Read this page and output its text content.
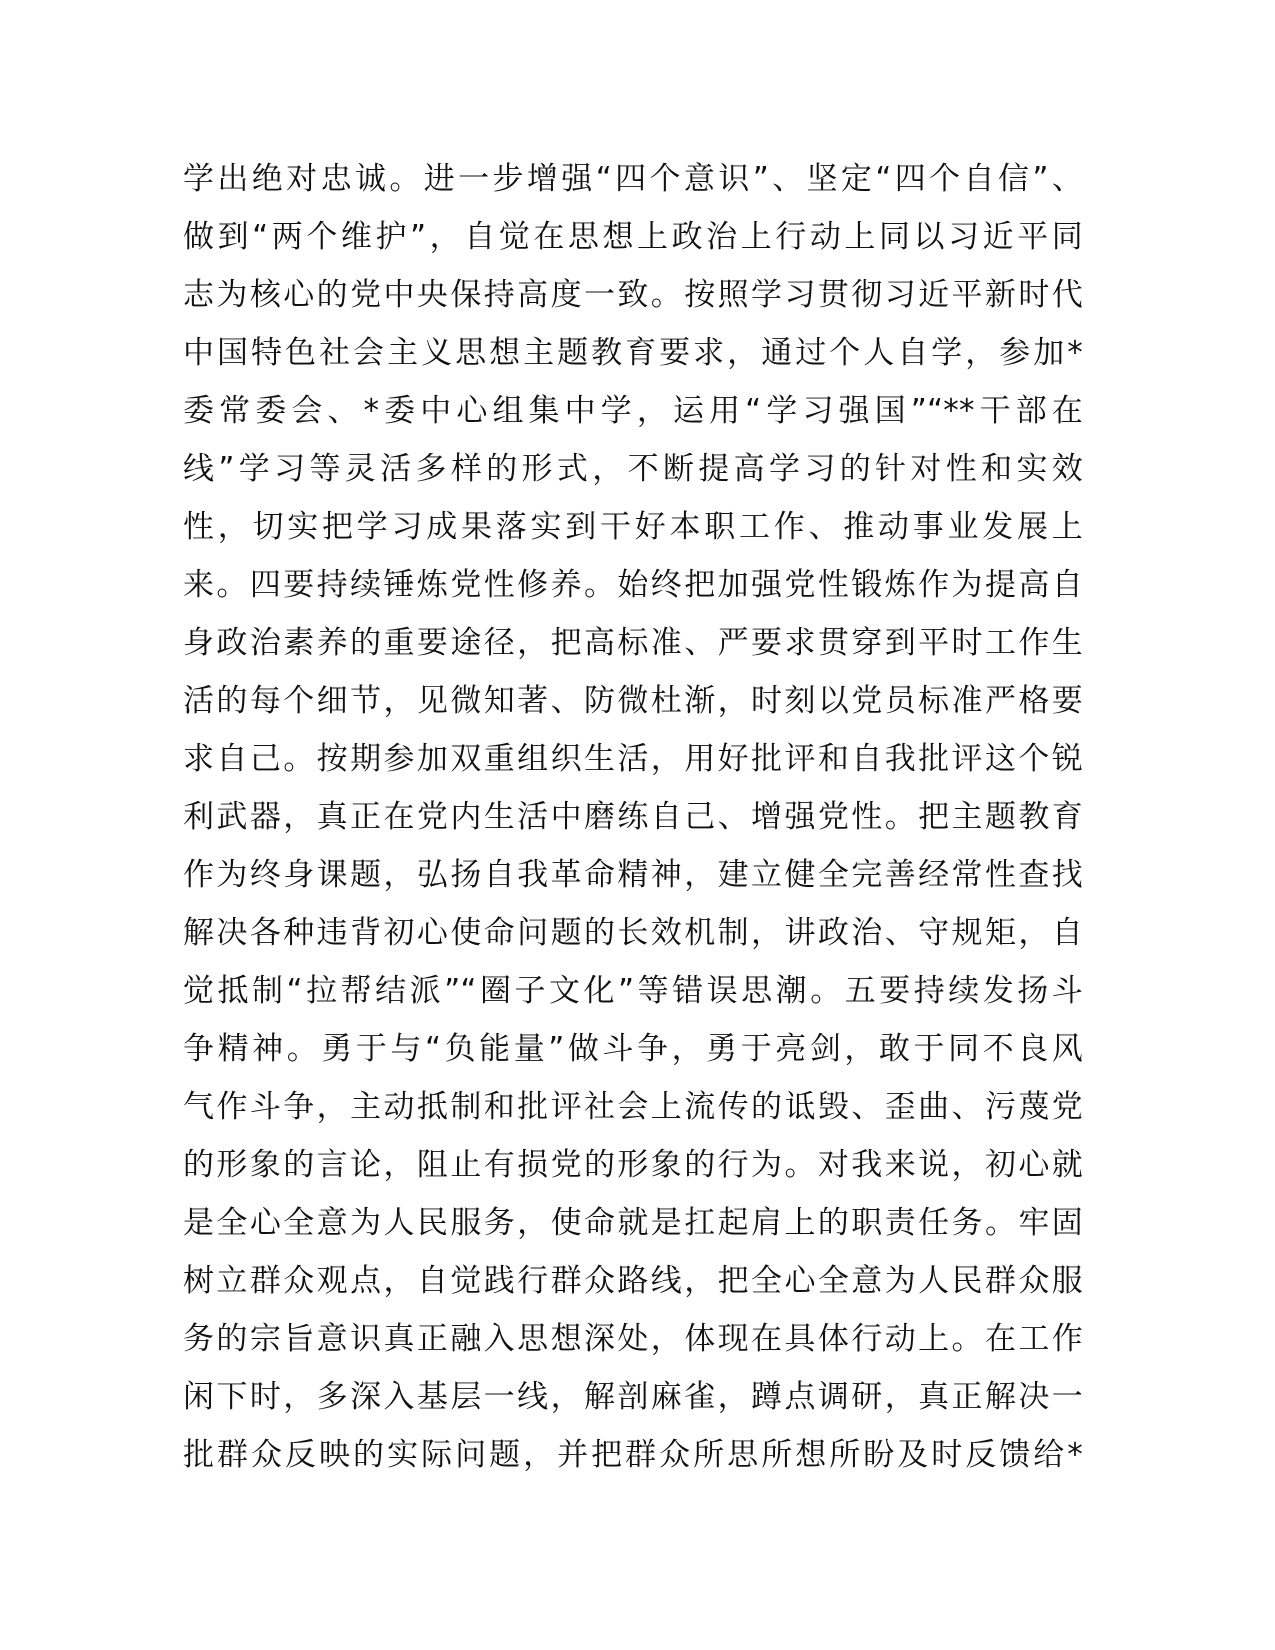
学出绝对忠诚。进一步增强“四个意识”、坚定“四个自信”、
做到“两个维护”，自觉在思想上政治上行动上同以习近平同
志为核心的党中央保持高度一致。按照学习贯彻习近平新时代
中国特色社会主义思想主题教育要求，通过个人自学，参加*
委常委会、*委中心组集中学，运用“学习强国”“**干部在
线”学习等灵活多样的形式，不断提高学习的针对性和实效
性，切实把学习成果落实到干好本职工作、推动事业发展上
来。四要持续锤炼党性修养。始终把加强党性锻炼作为提高自
身政治素养的重要途径，把高标准、严要求贯穿到平时工作生
活的每个细节，见微知著、防微杜渐，时刻以党员标准严格要
求自己。按期参加双重组织生活，用好批评和自我批评这个锐
利武器，真正在党内生活中磨练自己、增强党性。把主题教育
作为终身课题，弘扬自我革命精神，建立健全完善经常性查找
解决各种违背初心使命问题的长效机制，讲政治、守规矩，自
觉抵制“拉帮结派”“圈子文化”等错误思潮。五要持续发扬斗
争精神。勇于与“负能量”做斗争，勇于亮剑，敢于同不良风
气作斗争，主动抵制和批评社会上流传的诋毁、歪曲、污蔑党
的形象的言论，阻止有损党的形象的行为。对我来说，初心就
是全心全意为人民服务，使命就是扛起肩上的职责任务。牢固
树立群众观点，自觉践行群众路线，把全心全意为人民群众服
务的宗旨意识真正融入思想深处，体现在具体行动上。在工作
闲下时，多深入基层一线，解剖麻雀，蹲点调研，真正解决一
批群众反映的实际问题，并把群众所思所想所盼及时反馈给*
